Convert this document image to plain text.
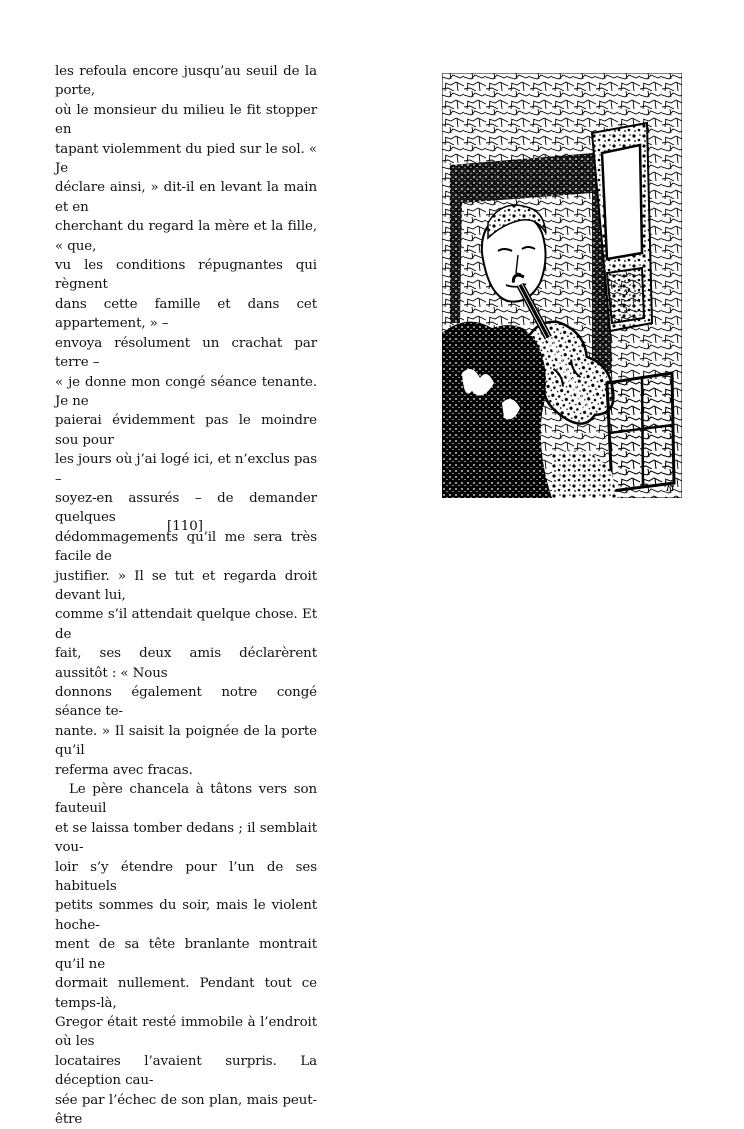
les refoula encore jusqu’au seuil de la porte,
où le monsieur du milieu le fit stopper en
tapant violemment du pied sur le sol. « Je
déclare ainsi, » dit-il en levant la main et en
cherchant du regard la mère et la fille, « que,
vu les conditions répugnantes qui règnent
dans cette famille et dans cet appartement, » –
envoya résolument un crachat par terre –
« je donne mon congé séance tenante. Je ne
paierai évidemment pas le moindre sou pour
les jours où j’ai logé ici, et n’exclus pas –
soyez-en assurés – de demander quelques
dédommagements qu’il me sera très facile de
justifier. » Il se tut et regarda droit devant lui,
comme s’il attendait quelque chose. Et de
fait, ses deux amis déclarèrent aussitôt : « Nous
donnons également notre congé séance te-
nante. » Il saisit la poignée de la porte qu’il
referma avec fracas.

Le père chancela à tâtons vers son fauteuil
et se laissa tomber dedans ; il semblait vou-
loir s’y étendre pour l’un de ses habituels
petits sommes du soir, mais le violent hoche-
ment de sa tête branlante montrait qu’il ne
dormait nullement. Pendant tout ce temps-là,
Gregor était resté immobile à l’endroit où les
locataires l’avaient surpris. La déception cau-
sée par l’échec de son plan, mais peut-être

[110]
H
